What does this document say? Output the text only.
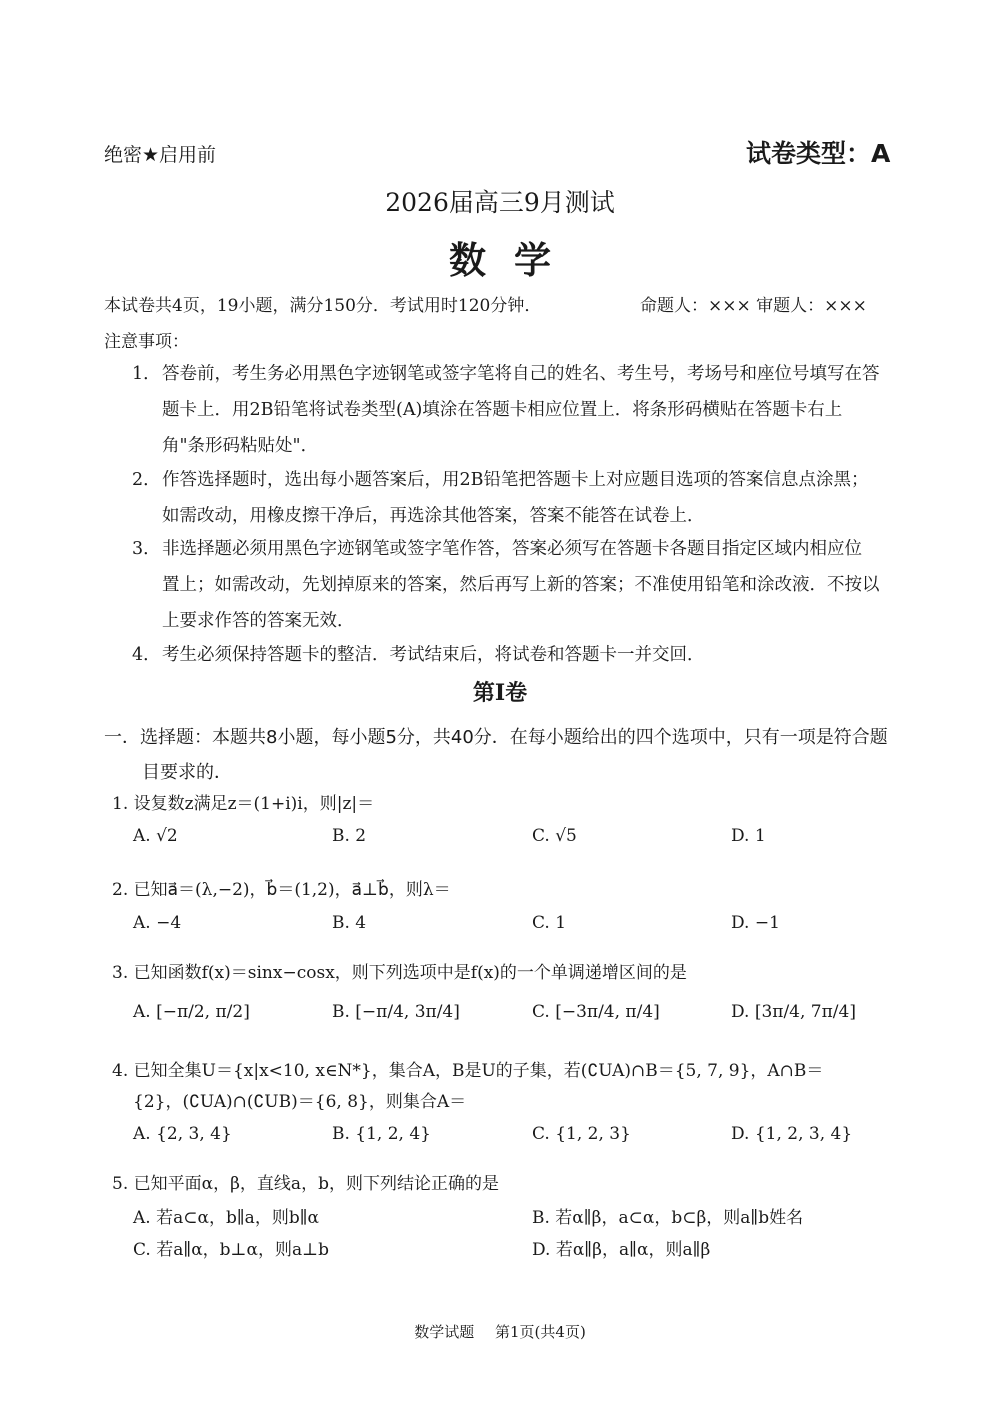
绝密★启用前	试卷类型：A
2026届高三9月测试
数学
本试卷共4页，19小题，满分150分．考试用时120分钟．	命题人：××× 审题人：×××
注意事项：
1．答卷前，考生务必用黑色字迹钢笔或签字笔将自己的姓名、考生号，考场号和座位号填写在答
题卡上．用2B铅笔将试卷类型(A)填涂在答题卡相应位置上．将条形码横贴在答题卡右上
角"条形码粘贴处"．
2．作答选择题时，选出每小题答案后，用2B铅笔把答题卡上对应题目选项的答案信息点涂黑；
如需改动，用橡皮擦干净后，再选涂其他答案，答案不能答在试卷上．
3．非选择题必须用黑色字迹钢笔或签字笔作答，答案必须写在答题卡各题目指定区域内相应位
置上；如需改动，先划掉原来的答案，然后再写上新的答案；不准使用铅笔和涂改液．不按以
上要求作答的答案无效．
4．考生必须保持答题卡的整洁．考试结束后，将试卷和答题卡一并交回．
第Ⅰ卷
一．选择题：本题共8小题，每小题5分，共40分．在每小题给出的四个选项中，只有一项是符合题
目要求的．
1. 设复数z满足z＝(1+i)i，则|z|＝
A. √2	B. 2	C. √5	D. 1
2. 已知a⃗＝(λ,−2)，b⃗＝(1,2)，a⃗⊥b⃗，则λ＝
A. −4	B. 4	C. 1	D. −1
3. 已知函数f(x)＝sinx−cosx，则下列选项中是f(x)的一个单调递增区间的是
A. [−π/2, π/2]	B. [−π/4, 3π/4]	C. [−3π/4, π/4]	D. [3π/4, 7π/4]
4. 已知全集U＝{x|x<10, x∈N*}，集合A，B是U的子集，若(∁UA)∩B＝{5, 7, 9}，A∩B＝
{2}，(∁UA)∩(∁UB)＝{6, 8}，则集合A＝
A. {2, 3, 4}	B. {1, 2, 4}	C. {1, 2, 3}	D. {1, 2, 3, 4}
5. 已知平面α，β，直线a，b，则下列结论正确的是
A. 若a⊂α，b∥a，则b∥α	B. 若α∥β，a⊂α，b⊂β，则a∥b姓名
C. 若a∥α，b⊥α，则a⊥b	D. 若α∥β，a∥α，则a∥β
数学试题 第1页(共4页)
